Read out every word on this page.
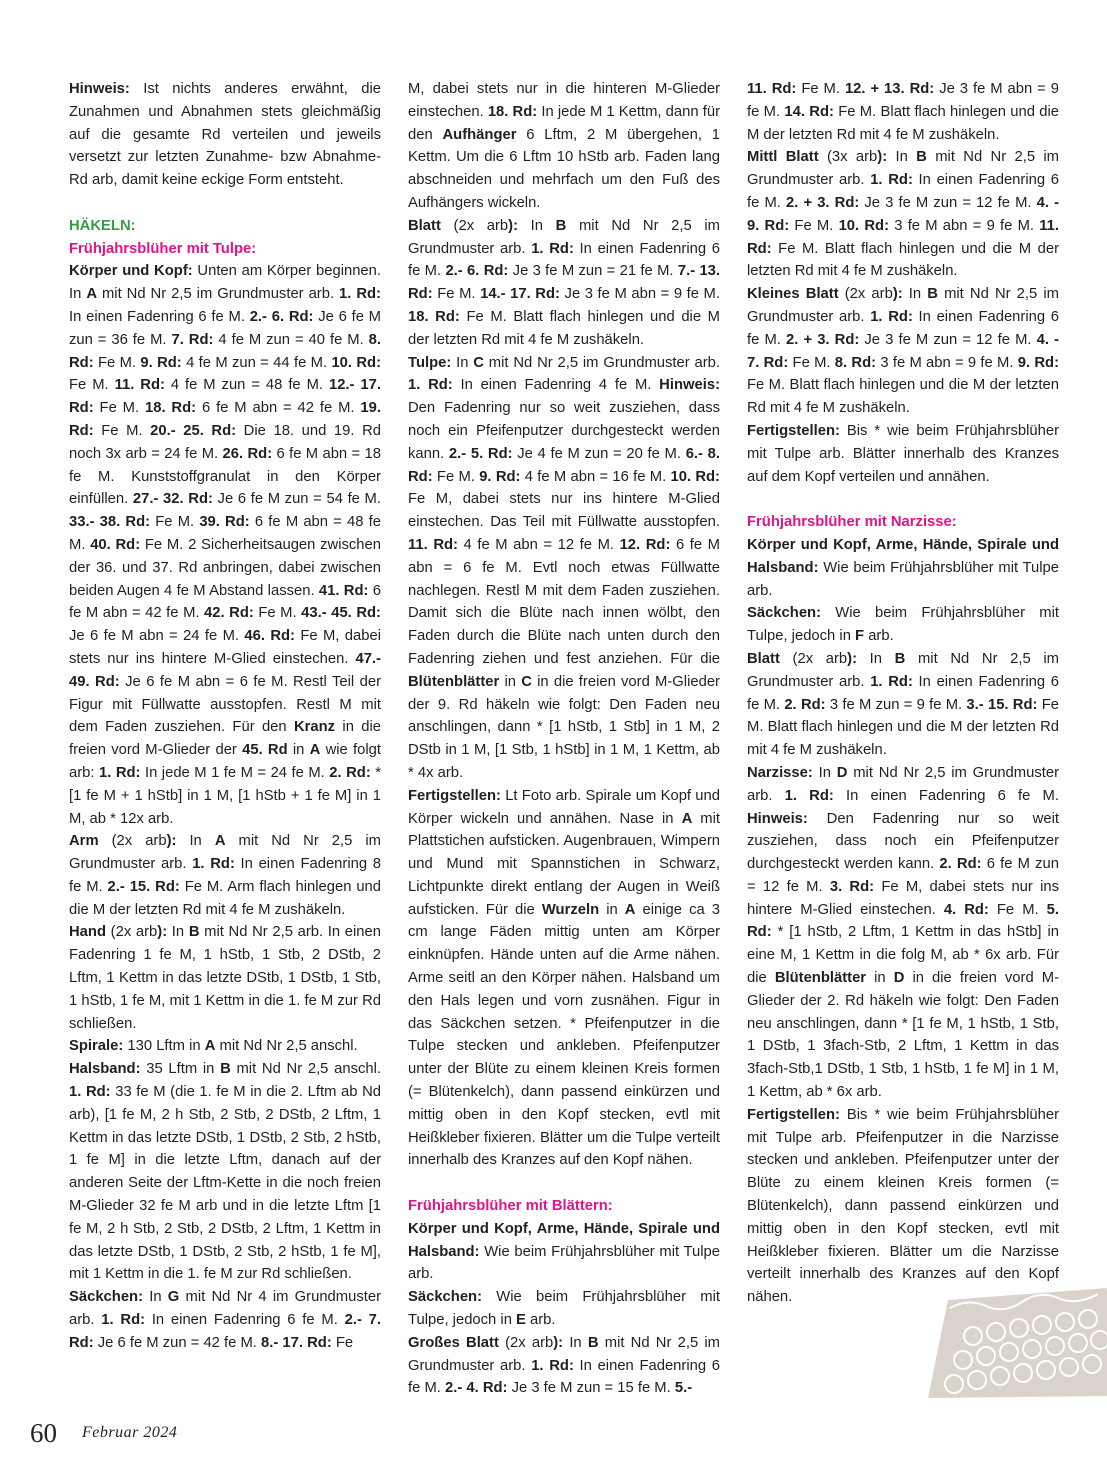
Hinweis: Ist nichts anderes erwähnt, die Zunahmen und Abnahmen stets gleichmäßig auf die gesamte Rd verteilen und jeweils versetzt zur letzten Zunahme- bzw Abnahme-Rd arb, damit keine eckige Form entsteht.

HÄKELN:

Frühjahrsblüher mit Tulpe:

Körper und Kopf: Unten am Körper beginnen. In A mit Nd Nr 2,5 im Grundmuster arb. 1. Rd: In einen Fadenring 6 fe M. 2.- 6. Rd: Je 6 fe M zun = 36 fe M. 7. Rd: 4 fe M zun = 40 fe M. 8. Rd: Fe M. 9. Rd: 4 fe M zun = 44 fe M. 10. Rd: Fe M. 11. Rd: 4 fe M zun = 48 fe M. 12.- 17. Rd: Fe M. 18. Rd: 6 fe M abn = 42 fe M. 19. Rd: Fe M. 20.- 25. Rd: Die 18. und 19. Rd noch 3x arb = 24 fe M. 26. Rd: 6 fe M abn = 18 fe M. Kunststoffgranulat in den Körper einfüllen. 27.- 32. Rd: Je 6 fe M zun = 54 fe M. 33.- 38. Rd: Fe M. 39. Rd: 6 fe M abn = 48 fe M. 40. Rd: Fe M. 2 Sicherheitsaugen zwischen der 36. und 37. Rd anbringen, dabei zwischen beiden Augen 4 fe M Abstand lassen. 41. Rd: 6 fe M abn = 42 fe M. 42. Rd: Fe M. 43.- 45. Rd: Je 6 fe M abn = 24 fe M. 46. Rd: Fe M, dabei stets nur ins hintere M-Glied einstechen. 47.- 49. Rd: Je 6 fe M abn = 6 fe M. Restl Teil der Figur mit Füllwatte ausstopfen. Restl M mit dem Faden zusziehen. Für den Kranz in die freien vord M-Glieder der 45. Rd in A wie folgt arb: 1. Rd: In jede M 1 fe M = 24 fe M. 2. Rd: * [1 fe M + 1 hStb] in 1 M, [1 hStb + 1 fe M] in 1 M, ab * 12x arb.

Arm (2x arb): In A mit Nd Nr 2,5 im Grundmuster arb. 1. Rd: In einen Fadenring 8 fe M. 2.- 15. Rd: Fe M. Arm flach hinlegen und die M der letzten Rd mit 4 fe M zushäkeln.

Hand (2x arb): In B mit Nd Nr 2,5 arb. In einen Fadenring 1 fe M, 1 hStb, 1 Stb, 2 DStb, 2 Lftm, 1 Kettm in das letzte DStb, 1 DStb, 1 Stb, 1 hStb, 1 fe M, mit 1 Kettm in die 1. fe M zur Rd schließen.

Spirale: 130 Lftm in A mit Nd Nr 2,5 anschl.

Halsband: 35 Lftm in B mit Nd Nr 2,5 anschl. 1. Rd: 33 fe M (die 1. fe M in die 2. Lftm ab Nd arb), [1 fe M, 2 h Stb, 2 Stb, 2 DStb, 2 Lftm, 1 Kettm in das letzte DStb, 1 DStb, 2 Stb, 2 hStb, 1 fe M] in die letzte Lftm, danach auf der anderen Seite der Lftm-Kette in die noch freien M-Glieder 32 fe M arb und in die letzte Lftm [1 fe M, 2 h Stb, 2 Stb, 2 DStb, 2 Lftm, 1 Kettm in das letzte DStb, 1 DStb, 2 Stb, 2 hStb, 1 fe M], mit 1 Kettm in die 1. fe M zur Rd schließen.

Säckchen: In G mit Nd Nr 4 im Grundmuster arb. 1. Rd: In einen Fadenring 6 fe M. 2.- 7. Rd: Je 6 fe M zun = 42 fe M. 8.- 17. Rd: Fe

M, dabei stets nur in die hinteren M-Glieder einstechen. 18. Rd: In jede M 1 Kettm, dann für den Aufhänger 6 Lftm, 2 M übergehen, 1 Kettm. Um die 6 Lftm 10 hStb arb. Faden lang abschneiden und mehrfach um den Fuß des Aufhängers wickeln.

Blatt (2x arb): In B mit Nd Nr 2,5 im Grundmuster arb. 1. Rd: In einen Fadenring 6 fe M. 2.- 6. Rd: Je 3 fe M zun = 21 fe M. 7.- 13. Rd: Fe M. 14.- 17. Rd: Je 3 fe M abn = 9 fe M. 18. Rd: Fe M. Blatt flach hinlegen und die M der letzten Rd mit 4 fe M zushäkeln.

Tulpe: In C mit Nd Nr 2,5 im Grundmuster arb. 1. Rd: In einen Fadenring 4 fe M. Hinweis: Den Fadenring nur so weit zusziehen, dass noch ein Pfeifenputzer durchgesteckt werden kann. 2.- 5. Rd: Je 4 fe M zun = 20 fe M. 6.- 8. Rd: Fe M. 9. Rd: 4 fe M abn = 16 fe M. 10. Rd: Fe M, dabei stets nur ins hintere M-Glied einstechen. Das Teil mit Füllwatte ausstopfen. 11. Rd: 4 fe M abn = 12 fe M. 12. Rd: 6 fe M abn = 6 fe M. Evtl noch etwas Füllwatte nachlegen. Restl M mit dem Faden zusziehen. Damit sich die Blüte nach innen wölbt, den Faden durch die Blüte nach unten durch den Fadenring ziehen und fest anziehen. Für die Blütenblätter in C in die freien vord M-Glieder der 9. Rd häkeln wie folgt: Den Faden neu anschlingen, dann * [1 hStb, 1 Stb] in 1 M, 2 DStb in 1 M, [1 Stb, 1 hStb] in 1 M, 1 Kettm, ab * 4x arb.

Fertigstellen: Lt Foto arb. Spirale um Kopf und Körper wickeln und annähen. Nase in A mit Plattstichen aufsticken. Augenbrauen, Wimpern und Mund mit Spannstichen in Schwarz, Lichtpunkte direkt entlang der Augen in Weiß aufsticken. Für die Wurzeln in A einige ca 3 cm lange Fäden mittig unten am Körper einknüpfen. Hände unten auf die Arme nähen. Arme seitl an den Körper nähen. Halsband um den Hals legen und vorn zusnähen. Figur in das Säckchen setzen. * Pfeifenputzer in die Tulpe stecken und ankleben. Pfeifenputzer unter der Blüte zu einem kleinen Kreis formen (= Blütenkelch), dann passend einkürzen und mittig oben in den Kopf stecken, evtl mit Heißkleber fixieren. Blätter um die Tulpe verteilt innerhalb des Kranzes auf den Kopf nähen.

Frühjahrsblüher mit Blättern:

Körper und Kopf, Arme, Hände, Spirale und Halsband: Wie beim Frühjahrsblüher mit Tulpe arb.

Säckchen: Wie beim Frühjahrsblüher mit Tulpe, jedoch in E arb.

Großes Blatt (2x arb): In B mit Nd Nr 2,5 im Grundmuster arb. 1. Rd: In einen Fadenring 6 fe M. 2.- 4. Rd: Je 3 fe M zun = 15 fe M. 5.-

11. Rd: Fe M. 12. + 13. Rd: Je 3 fe M abn = 9 fe M. 14. Rd: Fe M. Blatt flach hinlegen und die M der letzten Rd mit 4 fe M zushäkeln.

Mittl Blatt (3x arb): In B mit Nd Nr 2,5 im Grundmuster arb. 1. Rd: In einen Fadenring 6 fe M. 2. + 3. Rd: Je 3 fe M zun = 12 fe M. 4. - 9. Rd: Fe M. 10. Rd: 3 fe M abn = 9 fe M. 11. Rd: Fe M. Blatt flach hinlegen und die M der letzten Rd mit 4 fe M zushäkeln.

Kleines Blatt (2x arb): In B mit Nd Nr 2,5 im Grundmuster arb. 1. Rd: In einen Fadenring 6 fe M. 2. + 3. Rd: Je 3 fe M zun = 12 fe M. 4. - 7. Rd: Fe M. 8. Rd: 3 fe M abn = 9 fe M. 9. Rd: Fe M. Blatt flach hinlegen und die M der letzten Rd mit 4 fe M zushäkeln.

Fertigstellen: Bis * wie beim Frühjahrsblüher mit Tulpe arb. Blätter innerhalb des Kranzes auf dem Kopf verteilen und annähen.

Frühjahrsblüher mit Narzisse:

Körper und Kopf, Arme, Hände, Spirale und Halsband: Wie beim Frühjahrsblüher mit Tulpe arb.

Säckchen: Wie beim Frühjahrsblüher mit Tulpe, jedoch in F arb.

Blatt (2x arb): In B mit Nd Nr 2,5 im Grundmuster arb. 1. Rd: In einen Fadenring 6 fe M. 2. Rd: 3 fe M zun = 9 fe M. 3.- 15. Rd: Fe M. Blatt flach hinlegen und die M der letzten Rd mit 4 fe M zushäkeln.

Narzisse: In D mit Nd Nr 2,5 im Grundmuster arb. 1. Rd: In einen Fadenring 6 fe M. Hinweis: Den Fadenring nur so weit zusziehen, dass noch ein Pfeifenputzer durchgesteckt werden kann. 2. Rd: 6 fe M zun = 12 fe M. 3. Rd: Fe M, dabei stets nur ins hintere M-Glied einstechen. 4. Rd: Fe M. 5. Rd: * [1 hStb, 2 Lftm, 1 Kettm in das hStb] in eine M, 1 Kettm in die folg M, ab * 6x arb. Für die Blütenblätter in D in die freien vord M-Glieder der 2. Rd häkeln wie folgt: Den Faden neu anschlingen, dann * [1 fe M, 1 hStb, 1 Stb, 1 DStb, 1 3fach-Stb, 2 Lftm, 1 Kettm in das 3fach-Stb,1 DStb, 1 Stb, 1 hStb, 1 fe M] in 1 M, 1 Kettm, ab * 6x arb.

Fertigstellen: Bis * wie beim Frühjahrsblüher mit Tulpe arb. Pfeifenputzer in die Narzisse stecken und ankleben. Pfeifenputzer unter der Blüte zu einem kleinen Kreis formen (= Blütenkelch), dann passend einkürzen und mittig oben in den Kopf stecken, evtl mit Heißkleber fixieren. Blätter um die Narzisse verteilt innerhalb des Kranzes auf den Kopf nähen.

60 Februar 2024
